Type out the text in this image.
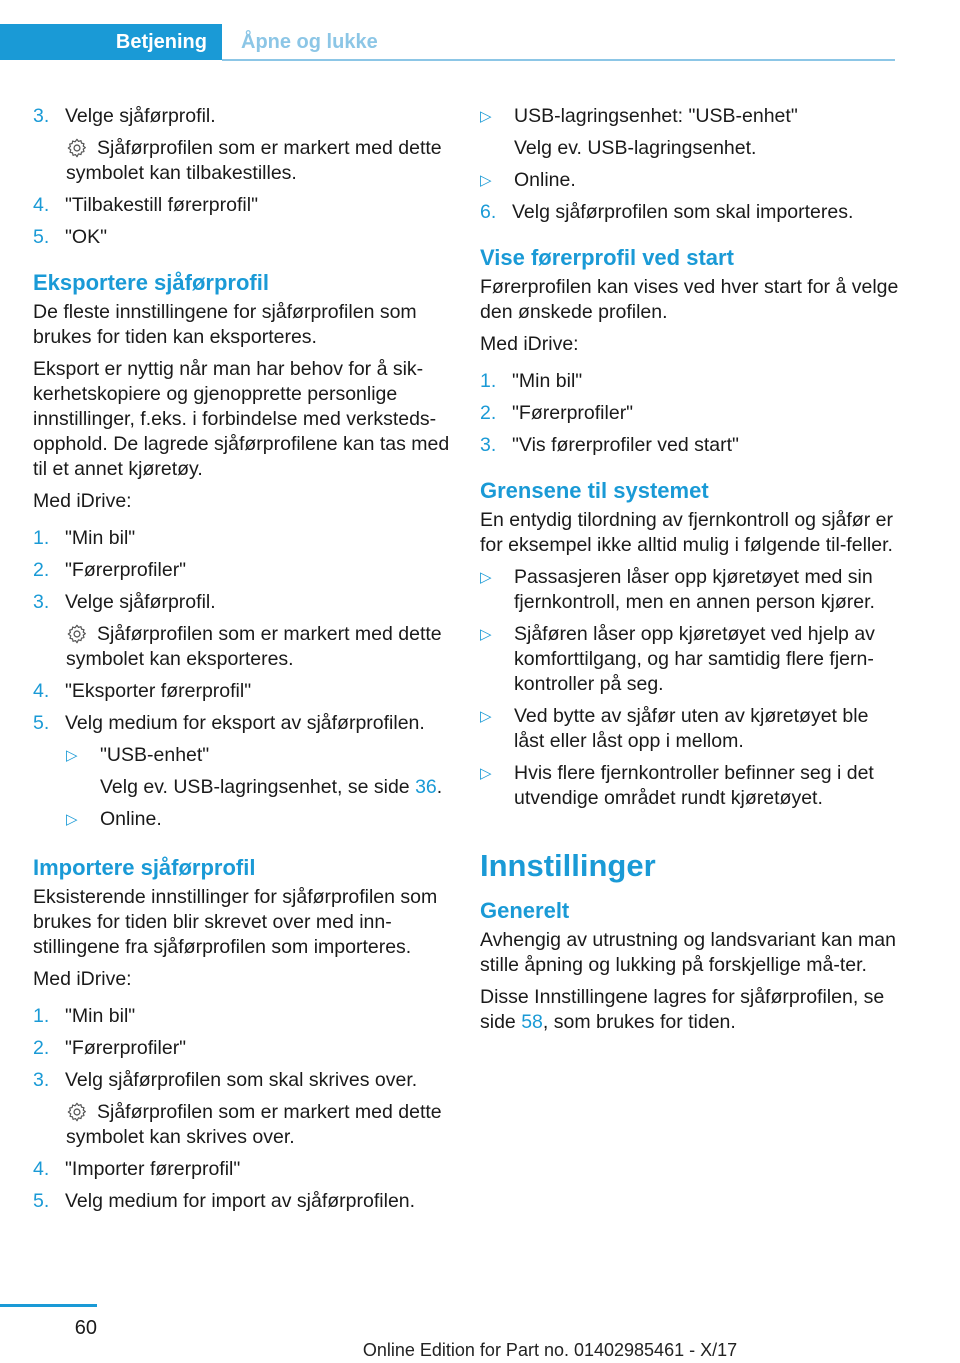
Betjening	Åpne og lukke
3. Velge sjåførprofil.
Sjåførprofilen som er markert med dette symbolet kan tilbakestilles.
4. "Tilbakestill førerprofil"
5. "OK"
Eksportere sjåførprofil

De fleste innstillingene for sjåførprofilen som brukes for tiden kan eksporteres.

Eksport er nyttig når man har behov for å sik-kerhetskopiere og gjenopprette personlige innstillinger, f.eks. i forbindelse med verksteds-opphold. De lagrede sjåførprofilene kan tas med til et annet kjøretøy.

Med iDrive:

1. "Min bil"
2. "Førerprofiler"
3. Velge sjåførprofil.
Sjåførprofilen som er markert med dette symbolet kan eksporteres.
4. "Eksporter førerprofil"
5. Velg medium for eksport av sjåførprofilen.
▷	"USB-enhet"
Velg ev. USB-lagringsenhet, se side 36.
▷	Online.
Importere sjåførprofil

Eksisterende innstillinger for sjåførprofilen som brukes for tiden blir skrevet over med inn-stillingene fra sjåførprofilen som importeres.

Med iDrive:

1. "Min bil"
2. "Førerprofiler"
3. Velg sjåførprofilen som skal skrives over.
Sjåførprofilen som er markert med dette symbolet kan skrives over.
4. "Importer førerprofil"
5. Velg medium for import av sjåførprofilen.
▷	USB-lagringsenhet: "USB-enhet"
Velg ev. USB-lagringsenhet.
▷	Online.
6. Velg sjåførprofilen som skal importeres.
Vise førerprofil ved start

Førerprofilen kan vises ved hver start for å velge den ønskede profilen.

Med iDrive:

1. "Min bil"
2. "Førerprofiler"
3. "Vis førerprofiler ved start"
Grensene til systemet

En entydig tilordning av fjernkontroll og sjåfør er for eksempel ikke alltid mulig i følgende til-feller.

▷	Passasjeren låser opp kjøretøyet med sin fjernkontroll, men en annen person kjører.
▷	Sjåføren låser opp kjøretøyet ved hjelp av komforttilgang, og har samtidig flere fjern-kontroller på seg.
▷	Ved bytte av sjåfør uten av kjøretøyet ble låst eller låst opp i mellom.
▷	Hvis flere fjernkontroller befinner seg i det utvendige området rundt kjøretøyet.
Innstillinger
Generelt

Avhengig av utrustning og landsvariant kan man stille åpning og lukking på forskjellige må-ter.

Disse Innstillingene lagres for sjåførprofilen, se side 58, som brukes for tiden.

60
Online Edition for Part no. 01402985461 - X/17
